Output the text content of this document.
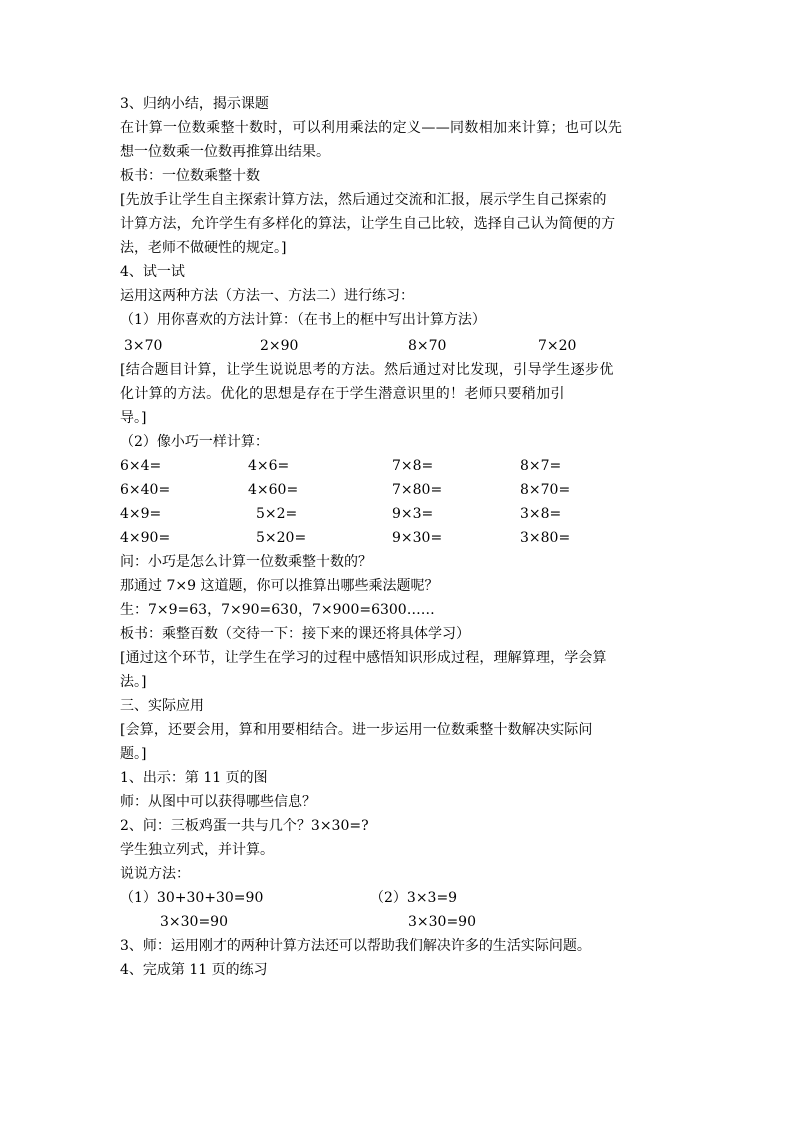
3、归纳小结，揭示课题
在计算一位数乘整十数时，可以利用乘法的定义——同数相加来计算；也可以先
想一位数乘一位数再推算出结果。
板书：一位数乘整十数
[先放手让学生自主探索计算方法，然后通过交流和汇报，展示学生自己探索的
计算方法，允许学生有多样化的算法，让学生自己比较，选择自己认为简便的方
法，老师不做硬性的规定。]
4、试一试
运用这两种方法（方法一、方法二）进行练习：
（1）用你喜欢的方法计算：（在书上的框中写出计算方法）
3×70	2×90	8×70	7×20
[结合题目计算，让学生说说思考的方法。然后通过对比发现，引导学生逐步优
化计算的方法。优化的思想是存在于学生潜意识里的！老师只要稍加引
导。]
（2）像小巧一样计算：
6×4=	4×6=	7×8=	8×7=
6×40=	4×60=	7×80=	8×70=
4×9=	5×2=	9×3=	3×8=
4×90=	5×20=	9×30=	3×80=
问：小巧是怎么计算一位数乘整十数的？
那通过 7×9 这道题，你可以推算出哪些乘法题呢？
生：7×9=63，7×90=630，7×900=6300……
板书：乘整百数（交待一下：接下来的课还将具体学习）
[通过这个环节，让学生在学习的过程中感悟知识形成过程，理解算理，学会算
法。]
三、实际应用
[会算，还要会用，算和用要相结合。进一步运用一位数乘整十数解决实际问
题。]
1、出示：第 11 页的图
师：从图中可以获得哪些信息？
2、问：三板鸡蛋一共与几个？3×30=?
学生独立列式，并计算。
说说方法：
（1）30+30+30=90	（2）3×3=9
3×30=90	3×30=90
3、师：运用刚才的两种计算方法还可以帮助我们解决许多的生活实际问题。
4、完成第 11 页的练习
